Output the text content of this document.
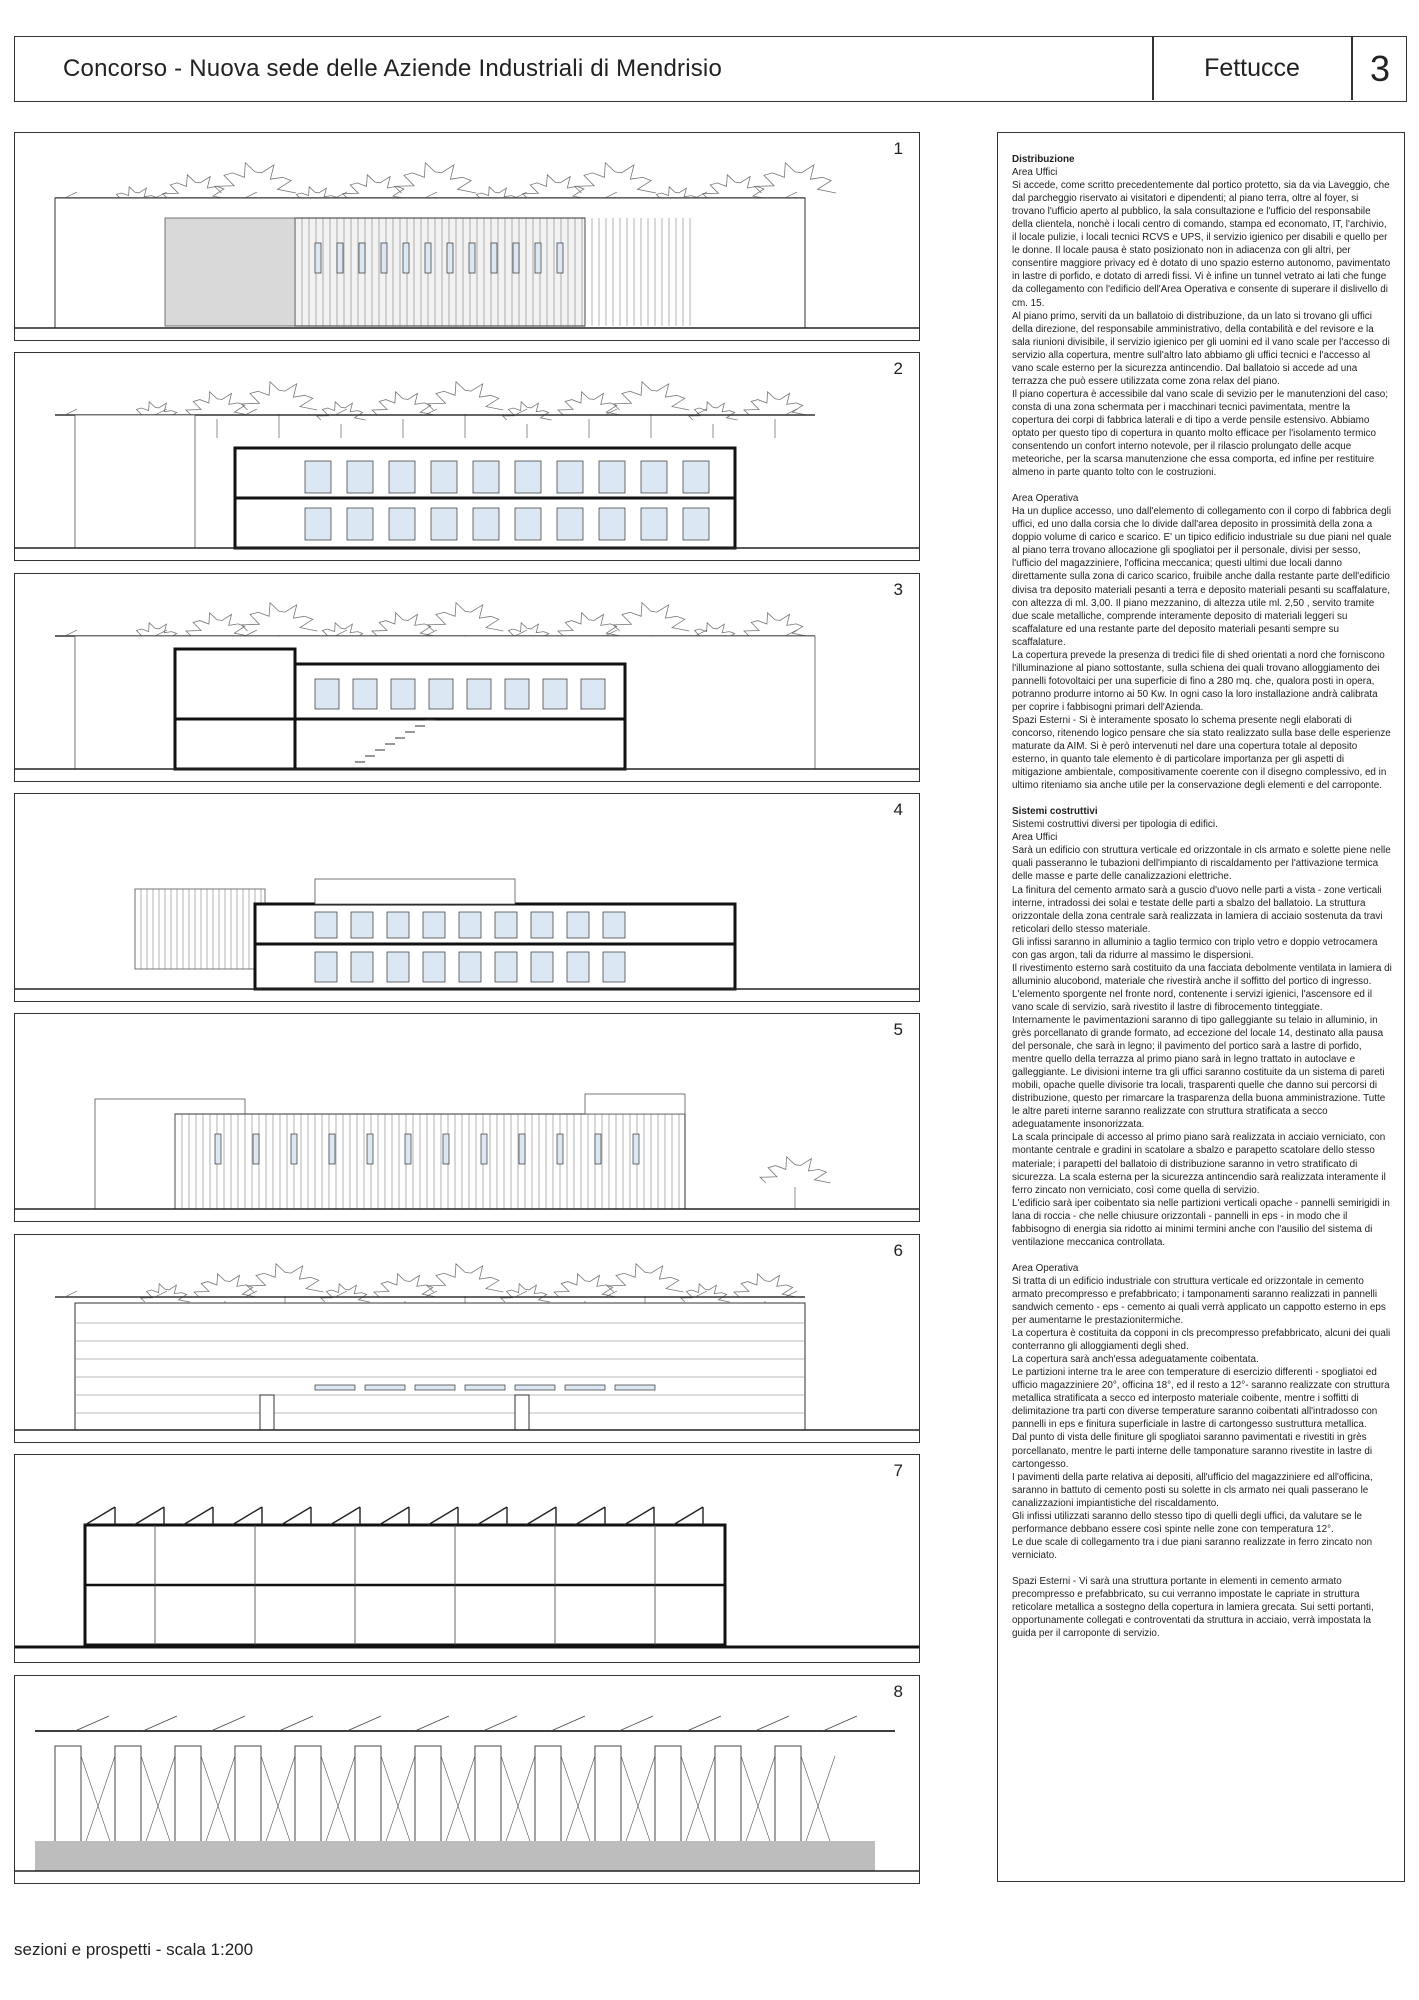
Concorso - Nuova sede delle Aziende Industriali di Mendrisio	Fettucce	3
1
2
3
4
5
6
7
8

Distribuzione

Area Uffici

Si accede, come scritto precedentemente dal portico protetto, sia da via Laveggio, che dal parcheggio riservato ai visitatori e dipendenti; al piano terra, oltre al foyer, si trovano l'ufficio aperto al pubblico, la sala consultazione e l'ufficio del responsabile della clientela, nonchè i locali centro di comando, stampa ed economato, IT, l'archivio, il locale pulizie, i locali tecnici RCVS e UPS, il servizio igienico per disabili e quello per le donne. Il locale pausa è stato posizionato non in adiacenza con gli altri, per consentire maggiore privacy ed è dotato di uno spazio esterno autonomo, pavimentato in lastre di porfido, e dotato di arredi fissi. Vi è infine un tunnel vetrato ai lati che funge da collegamento con l'edificio dell'Area Operativa e consente di superare il dislivello di cm. 15.

Al piano primo, serviti da un ballatoio di distribuzione, da un lato si trovano gli uffici della direzione, del responsabile amministrativo, della contabilità e del revisore e la sala riunioni divisibile, il servizio igienico per gli uomini ed il vano scale per l'accesso di servizio alla copertura, mentre sull'altro lato abbiamo gli uffici tecnici e l'accesso al vano scale esterno per la sicurezza antincendio. Dal ballatoio si accede ad una terrazza che può essere utilizzata come zona relax del piano.

Il piano copertura è accessibile dal vano scale di sevizio per le manutenzioni del caso; consta di una zona schermata per i macchinari tecnici pavimentata, mentre la copertura dei corpi di fabbrica laterali e di tipo a verde pensile estensivo. Abbiamo optato per questo tipo di copertura in quanto molto efficace per l'isolamento termico consentendo un confort interno notevole, per il rilascio prolungato delle acque meteoriche, per la scarsa manutenzione che essa comporta, ed infine per restituire almeno in parte quanto tolto con le costruzioni.

Area Operativa

Ha un duplice accesso, uno dall'elemento di collegamento con il corpo di fabbrica degli uffici, ed uno dalla corsia che lo divide dall'area deposito in prossimità della zona a doppio volume di carico e scarico. E' un tipico edificio industriale su due piani nel quale al piano terra trovano allocazione gli spogliatoi per il personale, divisi per sesso, l'ufficio del magazziniere, l'officina meccanica; questi ultimi due locali danno direttamente sulla zona di carico scarico, fruibile anche dalla restante parte dell'edificio divisa tra deposito materiali pesanti a terra e deposito materiali pesanti su scaffalature, con altezza di ml. 3,00. Il piano mezzanino, di altezza utile ml. 2,50 , servito tramite due scale metalliche, comprende interamente deposito di materiali leggeri su scaffalature ed una restante parte del deposito materiali pesanti sempre su scaffalature.

La copertura prevede la presenza di tredici file di shed orientati a nord che forniscono l'illuminazione al piano sottostante, sulla schiena dei quali trovano alloggiamento dei pannelli fotovoltaici per una superficie di fino a 280 mq. che, qualora posti in opera, potranno produrre intorno ai 50 Kw. In ogni caso la loro installazione andrà calibrata per coprire i fabbisogni primari dell'Azienda.

Spazi Esterni - Si è interamente sposato lo schema presente negli elaborati di concorso, ritenendo logico pensare che sia stato realizzato sulla base delle esperienze maturate da AIM. Si è però intervenuti nel dare una copertura totale al deposito esterno, in quanto tale elemento è di particolare importanza per gli aspetti di mitigazione ambientale, compositivamente coerente con il disegno complessivo, ed in ultimo riteniamo sia anche utile per la conservazione degli elementi e del carroponte.

Sistemi costruttivi

Sistemi costruttivi diversi per tipologia di edifici.

Area Uffici

Sarà un edificio con struttura verticale ed orizzontale in cls armato e solette piene nelle quali passeranno le tubazioni dell'impianto di riscaldamento per l'attivazione termica delle masse e parte delle canalizzazioni elettriche.

La finitura del cemento armato sarà a guscio d'uovo nelle parti a vista - zone verticali interne, intradossi dei solai e testate delle parti a sbalzo del ballatoio. La struttura orizzontale della zona centrale sarà realizzata in lamiera di acciaio sostenuta da travi reticolari dello stesso materiale.

Gli infissi saranno in alluminio a taglio termico con triplo vetro e doppio vetrocamera con gas argon, tali da ridurre al massimo le dispersioni.

Il rivestimento esterno sarà costituito da una facciata debolmente ventilata in lamiera di alluminio alucobond, materiale che rivestirà anche il soffitto del portico di ingresso. L'elemento sporgente nel fronte nord, contenente i servizi igienici, l'ascensore ed il vano scale di servizio, sarà rivestito il lastre di fibrocemento tinteggiate.

Internamente le pavimentazioni saranno di tipo galleggiante su telaio in alluminio, in grès porcellanato di grande formato, ad eccezione del locale 14, destinato alla pausa del personale, che sarà in legno; il pavimento del portico sarà a lastre di porfido, mentre quello della terrazza al primo piano sarà in legno trattato in autoclave e galleggiante. Le divisioni interne tra gli uffici saranno costituite da un sistema di pareti mobili, opache quelle divisorie tra locali, trasparenti quelle che danno sui percorsi di distribuzione, questo per rimarcare la trasparenza della buona amministrazione. Tutte le altre pareti interne saranno realizzate con struttura stratificata a secco adeguatamente insonorizzata.

La scala principale di accesso al primo piano sarà realizzata in acciaio verniciato, con montante centrale e gradini in scatolare a sbalzo e parapetto scatolare dello stesso materiale; i parapetti del ballatoio di distribuzione saranno in vetro stratificato di sicurezza. La scala esterna per la sicurezza antincendio sarà realizzata interamente il ferro zincato non verniciato, così come quella di servizio.

L'edificio sarà iper coibentato sia nelle partizioni verticali opache - pannelli semirigidi in lana di roccia - che nelle chiusure orizzontali - pannelli in eps - in modo che il fabbisogno di energia sia ridotto ai minimi termini anche con l'ausilio del sistema di ventilazione meccanica controllata.

Area Operativa

Si tratta di un edificio industriale con struttura verticale ed orizzontale in cemento armato precompresso e prefabbricato; i tamponamenti saranno realizzati in pannelli sandwich cemento - eps - cemento ai quali verrà applicato un cappotto esterno in eps per aumentarne le prestazionitermiche.

La copertura è costituita da copponi in cls precompresso prefabbricato, alcuni dei quali conterranno gli alloggiamenti degli shed.

La copertura sarà anch'essa adeguatamente coibentata.

Le partizioni interne tra le aree con temperature di esercizio differenti - spogliatoi ed ufficio magazziniere 20°, officina 18°, ed il resto a 12°- saranno realizzate con struttura metallica stratificata a secco ed interposto materiale coibente, mentre i soffitti di delimitazione tra parti con diverse temperature saranno coibentati all'intradosso con pannelli in eps e finitura superficiale in lastre di cartongesso sustruttura metallica.

Dal punto di vista delle finiture gli spogliatoi saranno pavimentati e rivestiti in grès porcellanato, mentre le parti interne delle tamponature saranno rivestite in lastre di cartongesso.

I pavimenti della parte relativa ai depositi, all'ufficio del magazziniere ed all'officina, saranno in battuto di cemento posti su solette in cls armato nei quali passerano le canalizzazioni impiantistiche del riscaldamento.

Gli infissi utilizzati saranno dello stesso tipo di quelli degli uffici, da valutare se le performance debbano essere così spinte nelle zone con temperatura 12°.

Le due scale di collegamento tra i due piani saranno realizzate in ferro zincato non verniciato.

Spazi Esterni - Vi sarà una struttura portante in elementi in cemento armato precompresso e prefabbricato, su cui verranno impostate le capriate in struttura reticolare metallica a sostegno della copertura in lamiera grecata. Sui setti portanti, opportunamente collegati e controventati da struttura in acciaio, verrà impostata la guida per il carroponte di servizio.

sezioni e prospetti - scala 1:200
